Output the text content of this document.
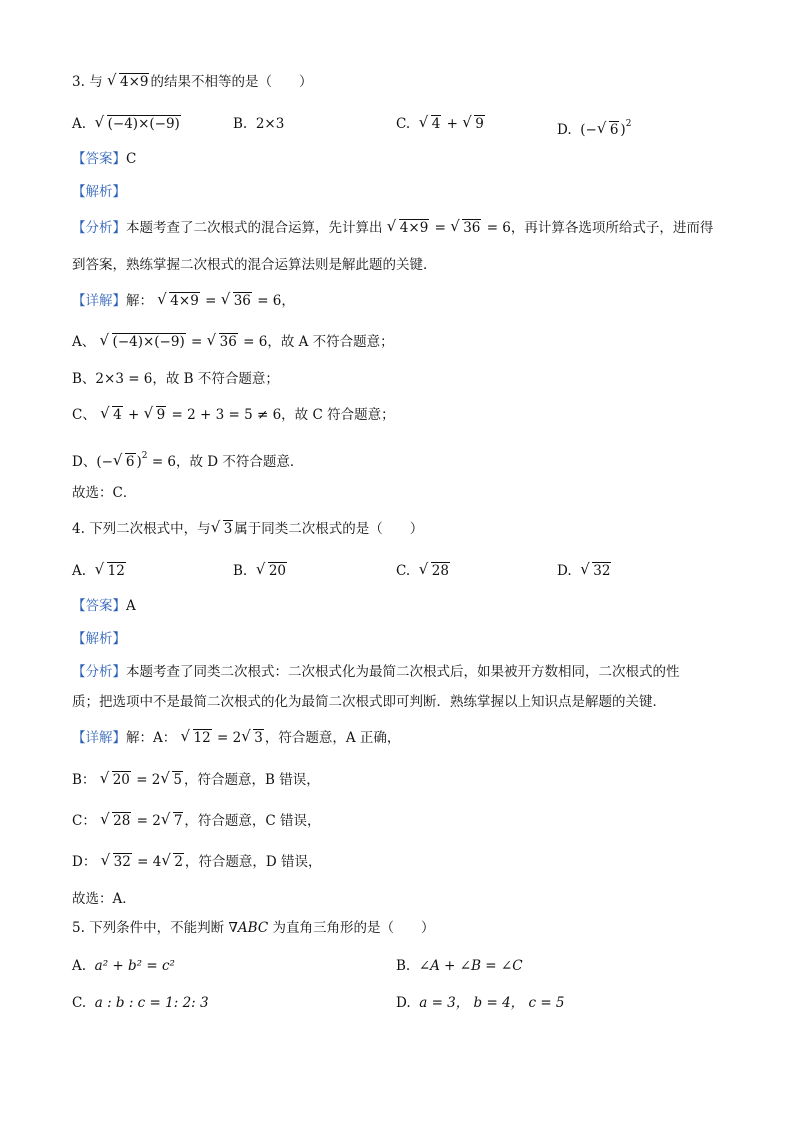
3. 与 √ 4×9 的结果不相等的是（　　）
A. √ (−4)×(−9)	B. 2×3	C. √ 4 + √ 9	D. (− √ 6 )$^2$
【答案】C
【解析】
【分析】本题考查了二次根式的混合运算，先计算出 √ 4×9 = √ 36 = 6，再计算各选项所给式子，进而得
到答案，熟练掌握二次根式的混合运算法则是解此题的关键．
【详解】解： √ 4×9 = √ 36 = 6，
A、 √ (−4)×(−9) = √ 36 = 6，故 A 不符合题意；
B、2×3 = 6，故 B 不符合题意；
C、 √ 4 + √ 9 = 2 + 3 = 5 ≠ 6，故 C 符合题意；
D、(− √ 6 )$^2$ = 6，故 D 不符合题意．
故选：C．
4. 下列二次根式中，与 √ 3 属于同类二次根式的是（　　）
A. √ 12	B. √ 20	C. √ 28	D. √ 32
【答案】A
【解析】
【分析】本题考查了同类二次根式：二次根式化为最简二次根式后，如果被开方数相同，二次根式的性
质；把选项中不是最简二次根式的化为最简二次根式即可判断．熟练掌握以上知识点是解题的关键．
【详解】解：A： √ 12 = 2 √ 3 ，符合题意，A 正确，
B： √ 20 = 2 √ 5 ，符合题意，B 错误，
C： √ 28 = 2 √ 7 ，符合题意，C 错误，
D： √ 32 = 4 √ 2 ，符合题意，D 错误，
故选：A．
5. 下列条件中，不能判断 ∇ABC 为直角三角形的是（　　）
A. a² + b² = c²	B. ∠A + ∠B = ∠C
C. a : b : c = 1: 2: 3	D. a = 3， b = 4， c = 5
